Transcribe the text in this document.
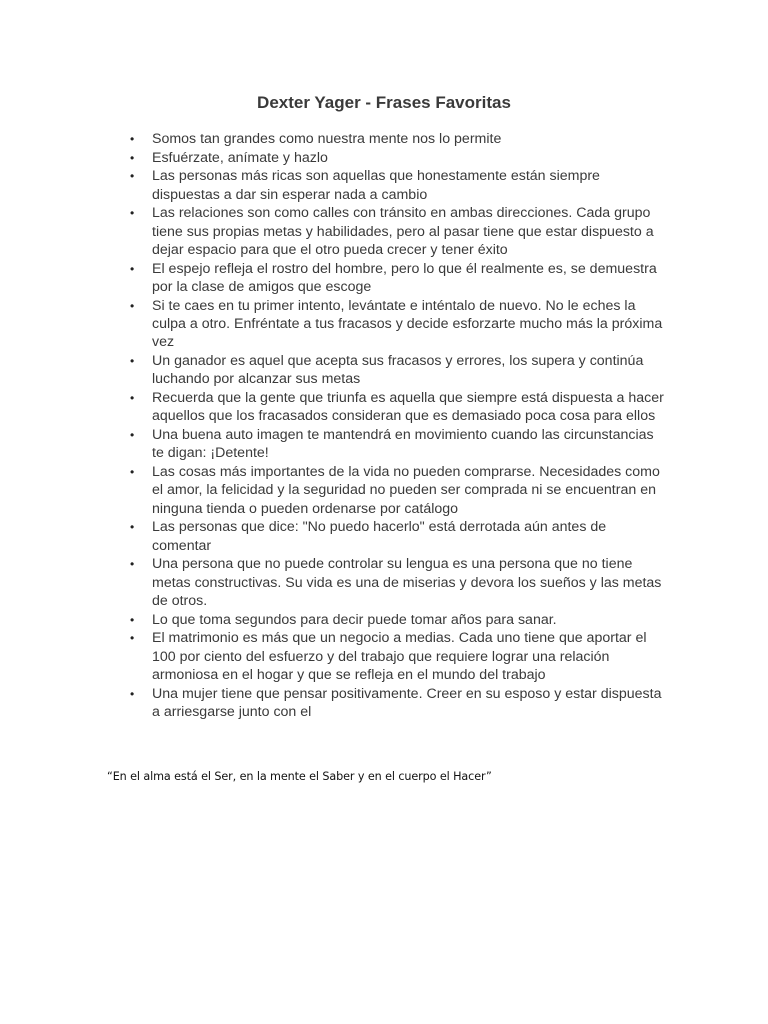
Dexter Yager - Frases Favoritas
•	Somos tan grandes como nuestra mente nos lo permite
•	Esfuérzate, anímate y hazlo
•	Las personas más ricas son aquellas que honestamente están siempre dispuestas a dar sin esperar nada a cambio
•	Las relaciones son como calles con tránsito en ambas direcciones. Cada grupo tiene sus propias metas y habilidades, pero al pasar tiene que estar dispuesto a dejar espacio para que el otro pueda crecer y tener éxito
•	El espejo refleja el rostro del hombre, pero lo que él realmente es, se demuestra por la clase de amigos que escoge
•	Si te caes en tu primer intento, levántate e inténtalo de nuevo. No le eches la culpa a otro. Enfréntate a tus fracasos y decide esforzarte mucho más la próxima vez
•	Un ganador es aquel que acepta sus fracasos y errores, los supera y continúa luchando por alcanzar sus metas
•	Recuerda que la gente que triunfa es aquella que siempre está dispuesta a hacer aquellos que los fracasados consideran que es demasiado poca cosa para ellos
•	Una buena auto imagen te mantendrá en movimiento cuando las circunstancias te digan: ¡Detente!
•	Las cosas más importantes de la vida no pueden comprarse. Necesidades como el amor, la felicidad y la seguridad no pueden ser comprada ni se encuentran en ninguna tienda o pueden ordenarse por catálogo
•	Las personas que dice: "No puedo hacerlo" está derrotada aún antes de comentar
•	Una persona que no puede controlar su lengua es una persona que no tiene metas constructivas. Su vida es una de miserias y devora los sueños y las metas de otros.
•	Lo que toma segundos para decir puede tomar años para sanar.
•	El matrimonio es más que un negocio a medias. Cada uno tiene que aportar el 100 por ciento del esfuerzo y del trabajo que requiere lograr una relación armoniosa en el hogar y que se refleja en el mundo del trabajo
•	Una mujer tiene que pensar positivamente. Creer en su esposo y estar dispuesta a arriesgarse junto con el

“En el alma está el Ser, en la mente el Saber y en el cuerpo el Hacer”
